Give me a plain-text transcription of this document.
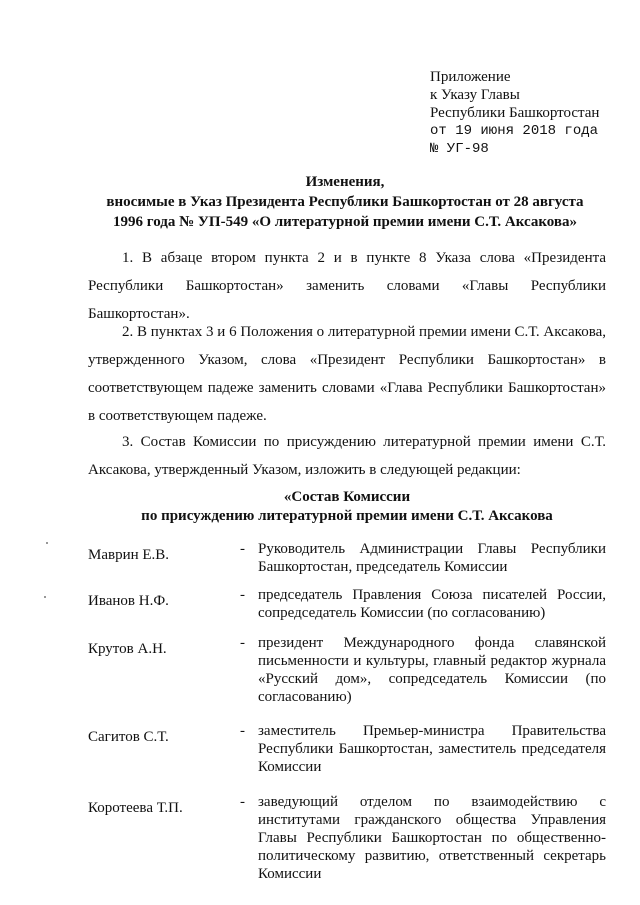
Приложение
к Указу Главы
Республики Башкортостан
от 19 июня 2018 года
№ УГ-98
Изменения,
вносимые в Указ Президента Республики Башкортостан от 28 августа
1996 года № УП-549 «О литературной премии имени С.Т. Аксакова»

1. В абзаце втором пункта 2 и в пункте 8 Указа слова «Президента Республики Башкортостан» заменить словами «Главы Республики Башкортостан».

2. В пунктах 3 и 6 Положения о литературной премии имени С.Т. Аксакова, утвержденного Указом, слова «Президент Республики Башкортостан» в соответствующем падеже заменить словами «Глава Республики Башкортостан» в соответствующем падеже.

3. Состав Комиссии по присуждению литературной премии имени С.Т. Аксакова, утвержденный Указом, изложить в следующей редакции:

«Состав Комиссии
по присуждению литературной премии имени С.Т. Аксакова
Маврин Е.В.	- Руководитель Администрации Главы Республики Башкортостан, председатель Комиссии
Иванов Н.Ф.	- председатель Правления Союза писателей России, сопредседатель Комиссии (по согласованию)
Крутов А.Н.	- президент Международного фонда славянской письменности и культуры, главный редактор журнала «Русский дом», сопредседатель Комиссии (по согласованию)
Сагитов С.Т.	- заместитель Премьер-министра Правительства Республики Башкортостан, заместитель председателя Комиссии
Коротеева Т.П.	- заведующий отделом по взаимодействию с институтами гражданского общества Управления Главы Республики Башкортостан по общественно-политическому развитию, ответственный секретарь Комиссии
